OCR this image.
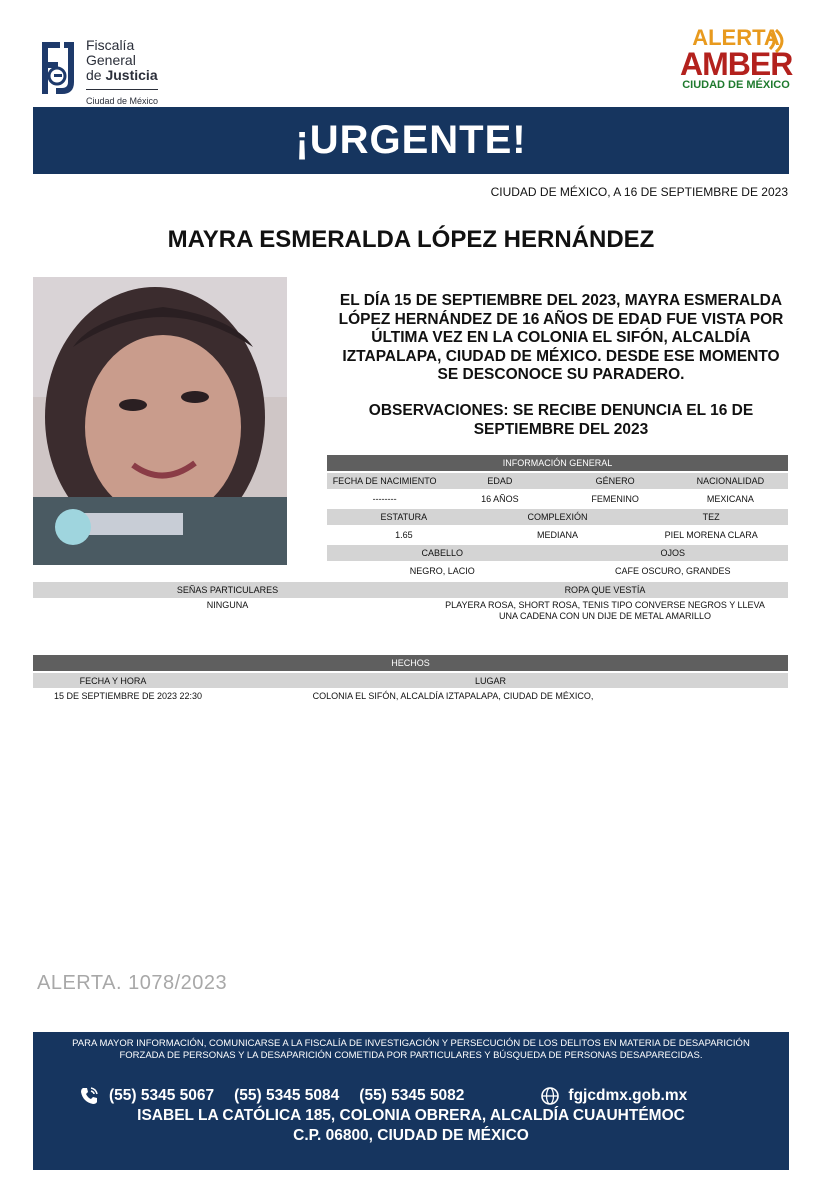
Fiscalía
General
de Justicia
Ciudad de México
ALERTA
AMBER
CIUDAD DE MÉXICO
¡URGENTE!
CIUDAD DE MÉXICO, A 16 DE SEPTIEMBRE DE 2023
MAYRA ESMERALDA LÓPEZ HERNÁNDEZ
EL DÍA 15 DE SEPTIEMBRE DEL 2023, MAYRA ESMERALDA LÓPEZ HERNÁNDEZ DE 16 AÑOS DE EDAD FUE VISTA POR ÚLTIMA VEZ EN LA COLONIA EL SIFÓN, ALCALDÍA IZTAPALAPA, CIUDAD DE MÉXICO. DESDE ESE MOMENTO SE DESCONOCE SU PARADERO.
OBSERVACIONES: SE RECIBE DENUNCIA EL 16 DE SEPTIEMBRE DEL 2023
INFORMACIÓN GENERAL
FECHA DE NACIMIENTO	EDAD	GÉNERO	NACIONALIDAD
--------	16 AÑOS	FEMENINO	MEXICANA
ESTATURA	COMPLEXIÓN	TEZ
1.65	MEDIANA	PIEL MORENA CLARA
CABELLO	OJOS
NEGRO, LACIO	CAFE OSCURO, GRANDES
SEÑAS PARTICULARES	ROPA QUE VESTÍA
NINGUNA	PLAYERA ROSA, SHORT ROSA, TENIS TIPO CONVERSE NEGROS Y LLEVA UNA CADENA CON UN DIJE DE METAL AMARILLO
HECHOS
FECHA Y HORA	LUGAR
15 DE SEPTIEMBRE DE 2023 22:30	COLONIA EL SIFÓN, ALCALDÍA IZTAPALAPA, CIUDAD DE MÉXICO,
ALERTA. 1078/2023
PARA MAYOR INFORMACIÓN, COMUNICARSE A LA FISCALÍA DE INVESTIGACIÓN Y PERSECUCIÓN DE LOS DELITOS EN MATERIA DE DESAPARICIÓN FORZADA DE PERSONAS Y LA DESAPARICIÓN COMETIDA POR PARTICULARES Y BÚSQUEDA DE PERSONAS DESAPARECIDAS.
(55) 5345 5067 (55) 5345 5084 (55) 5345 5082	fgjcdmx.gob.mx
ISABEL LA CATÓLICA 185, COLONIA OBRERA, ALCALDÍA CUAUHTÉMOC
C.P. 06800, CIUDAD DE MÉXICO
